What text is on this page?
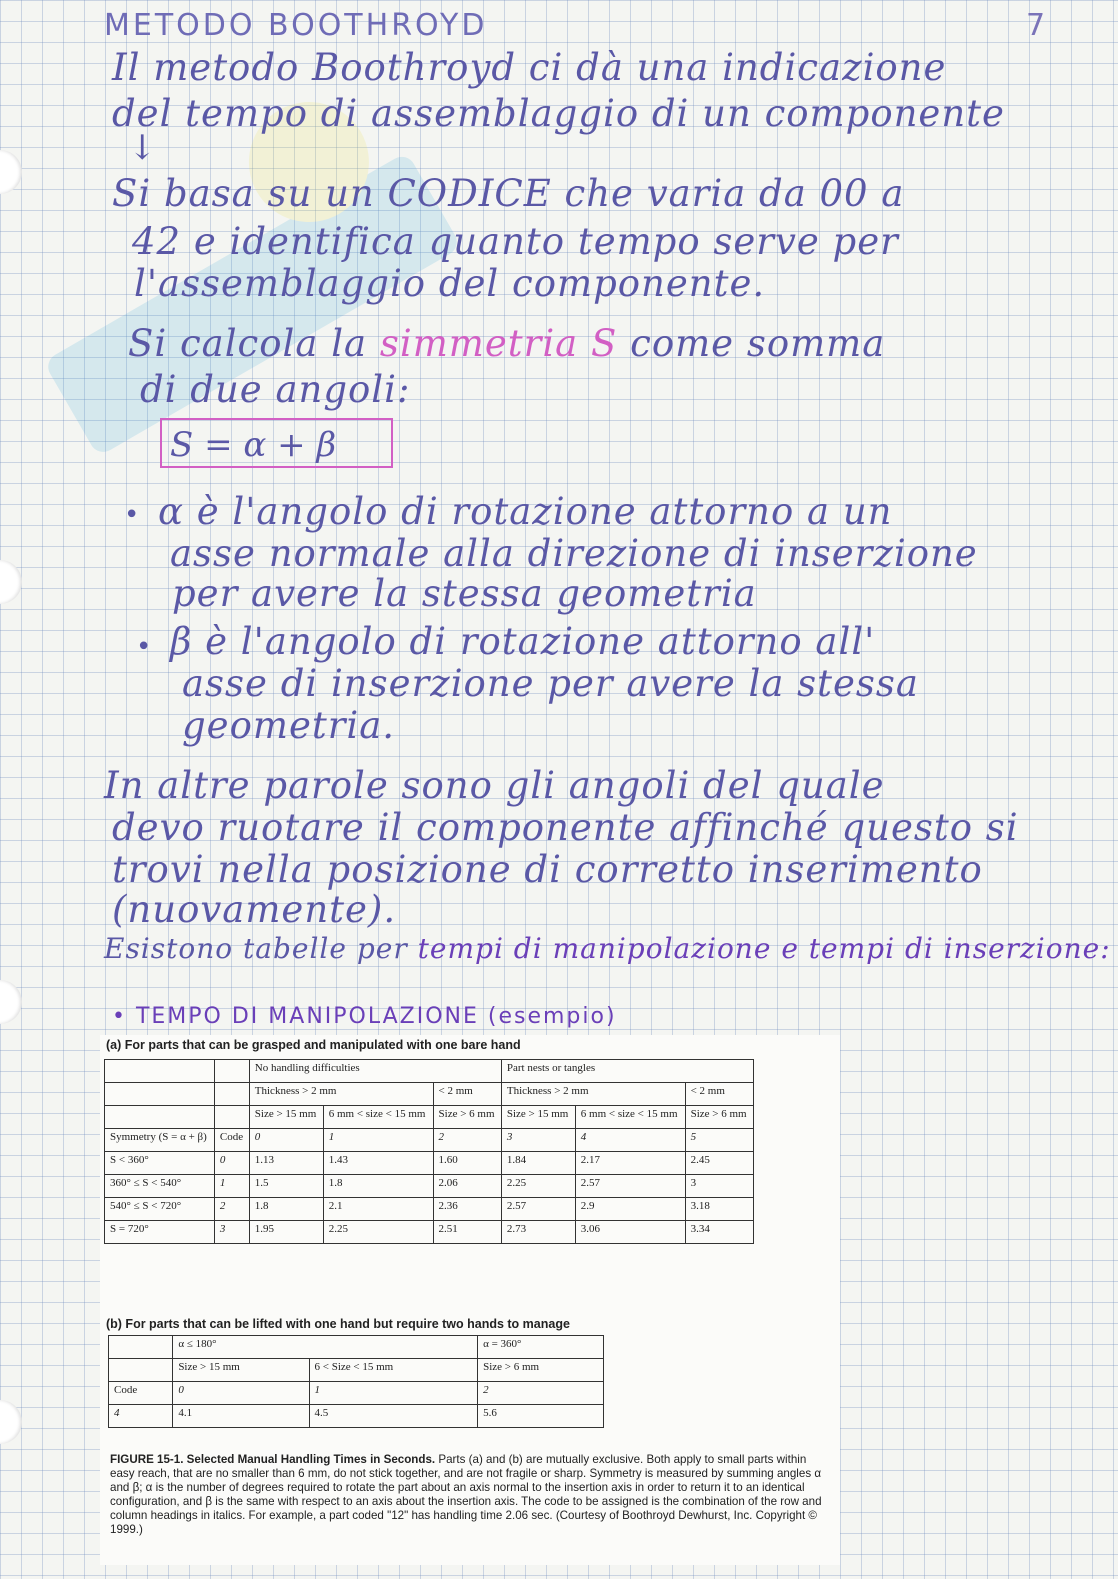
7

METODO BOOTHROYD

Il metodo Boothroyd ci dà una indicazione

del tempo di assemblaggio di un componente

↓

Si basa su un CODICE che varia da 00 a

42 e identifica quanto tempo serve per

l'assemblaggio del componente.

Si calcola la simmetria S come somma

di due angoli:

S = α + β
• α è l'angolo di rotazione attorno a un

asse normale alla direzione di inserzione

per avere la stessa geometria

• β è l'angolo di rotazione attorno all'

asse di inserzione per avere la stessa

geometria.

In altre parole sono gli angoli del quale

devo ruotare il componente affinché questo si

trovi nella posizione di corretto inserimento

(nuovamente).

Esistono tabelle per tempi di manipolazione e tempi di inserzione:

• TEMPO DI MANIPOLAZIONE (esempio)
(a) For parts that can be grasped and manipulated with one bare hand
		No handling difficulties			Part nests or tangles		
		Thickness > 2 mm		< 2 mm	Thickness > 2 mm		< 2 mm
		Size > 15 mm	6 mm < size < 15 mm	Size > 6 mm	Size > 15 mm	6 mm < size < 15 mm	Size > 6 mm
Symmetry (S = α + β)	Code	0	1	2	3	4	5
S < 360°	0	1.13	1.43	1.60	1.84	2.17	2.45
360° ≤ S < 540°	1	1.5	1.8	2.06	2.25	2.57	3
540° ≤ S < 720°	2	1.8	2.1	2.36	2.57	2.9	3.18
S = 720°	3	1.95	2.25	2.51	2.73	3.06	3.34
(b) For parts that can be lifted with one hand but require two hands to manage
	α ≤ 180°		α = 360°
	Size > 15 mm	6 < Size < 15 mm	Size > 6 mm
Code	0	1	2
4	4.1	4.5	5.6
FIGURE 15-1. Selected Manual Handling Times in Seconds. Parts (a) and (b) are mutually exclusive. Both apply to small parts within easy reach, that are no smaller than 6 mm, do not stick together, and are not fragile or sharp. Symmetry is measured by summing angles α and β; α is the number of degrees required to rotate the part about an axis normal to the insertion axis in order to return it to an identical configuration, and β is the same with respect to an axis about the insertion axis. The code to be assigned is the combination of the row and column headings in italics. For example, a part coded "12" has handling time 2.06 sec. (Courtesy of Boothroyd Dewhurst, Inc. Copyright © 1999.)
